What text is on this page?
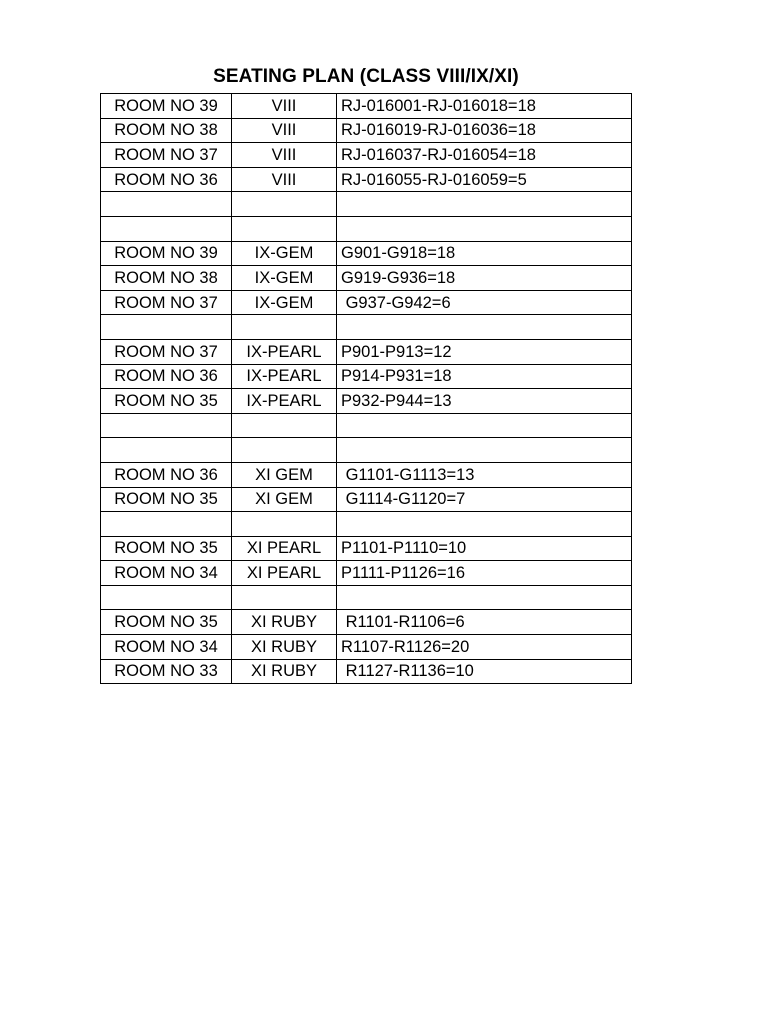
SEATING PLAN (CLASS VIII/IX/XI)
ROOM NO 39	VIII	RJ-016001-RJ-016018=18
ROOM NO 38	VIII	RJ-016019-RJ-016036=18
ROOM NO 37	VIII	RJ-016037-RJ-016054=18
ROOM NO 36	VIII	RJ-016055-RJ-016059=5

ROOM NO 39	IX-GEM	G901-G918=18
ROOM NO 38	IX-GEM	G919-G936=18
ROOM NO 37	IX-GEM	G937-G942=6

ROOM NO 37	IX-PEARL	P901-P913=12
ROOM NO 36	IX-PEARL	P914-P931=18
ROOM NO 35	IX-PEARL	P932-P944=13

ROOM NO 36	XI GEM	G1101-G1113=13
ROOM NO 35	XI GEM	G1114-G1120=7

ROOM NO 35	XI PEARL	P1101-P1110=10
ROOM NO 34	XI PEARL	P1111-P1126=16

ROOM NO 35	XI RUBY	R1101-R1106=6
ROOM NO 34	XI RUBY	R1107-R1126=20
ROOM NO 33	XI RUBY	R1127-R1136=10
